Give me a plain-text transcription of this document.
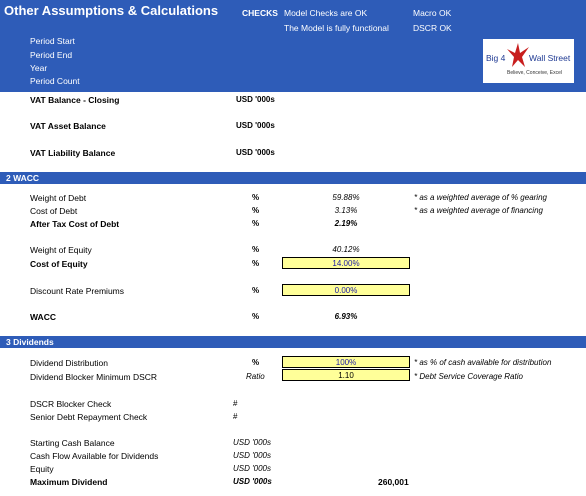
Other Assumptions & Calculations	CHECKS Model Checks are OK
The Model is fully functional
Macro OK
DSCR OK
Period Start
Period End
Year
Period Count
Big 4	Wall Street
Believe, Conceive, Excel
VAT Balance - Closing	USD '000s
VAT Asset Balance	USD '000s
VAT Liability Balance	USD '000s
2 WACC
Weight of Debt	%	59.88%	* as a weighted average of % gearing
Cost of Debt	%	3.13%	* as a weighted average of financing
After Tax Cost of Debt	%	2.19%
Weight of Equity	%	40.12%
Cost of Equity	%	14.00%
Discount Rate Premiums	%	0.00%
WACC	%	6.93%
3 Dividends
Dividend Distribution	%	100%	* as % of cash available for distribution
Dividend Blocker Minimum DSCR	Ratio	1.10	* Debt Service Coverage Ratio
DSCR Blocker Check	#
Senior Debt Repayment Check	#
Starting Cash Balance	USD '000s
Cash Flow Available for Dividends	USD '000s
Equity	USD '000s
Maximum Dividend	USD '000s	260,001
